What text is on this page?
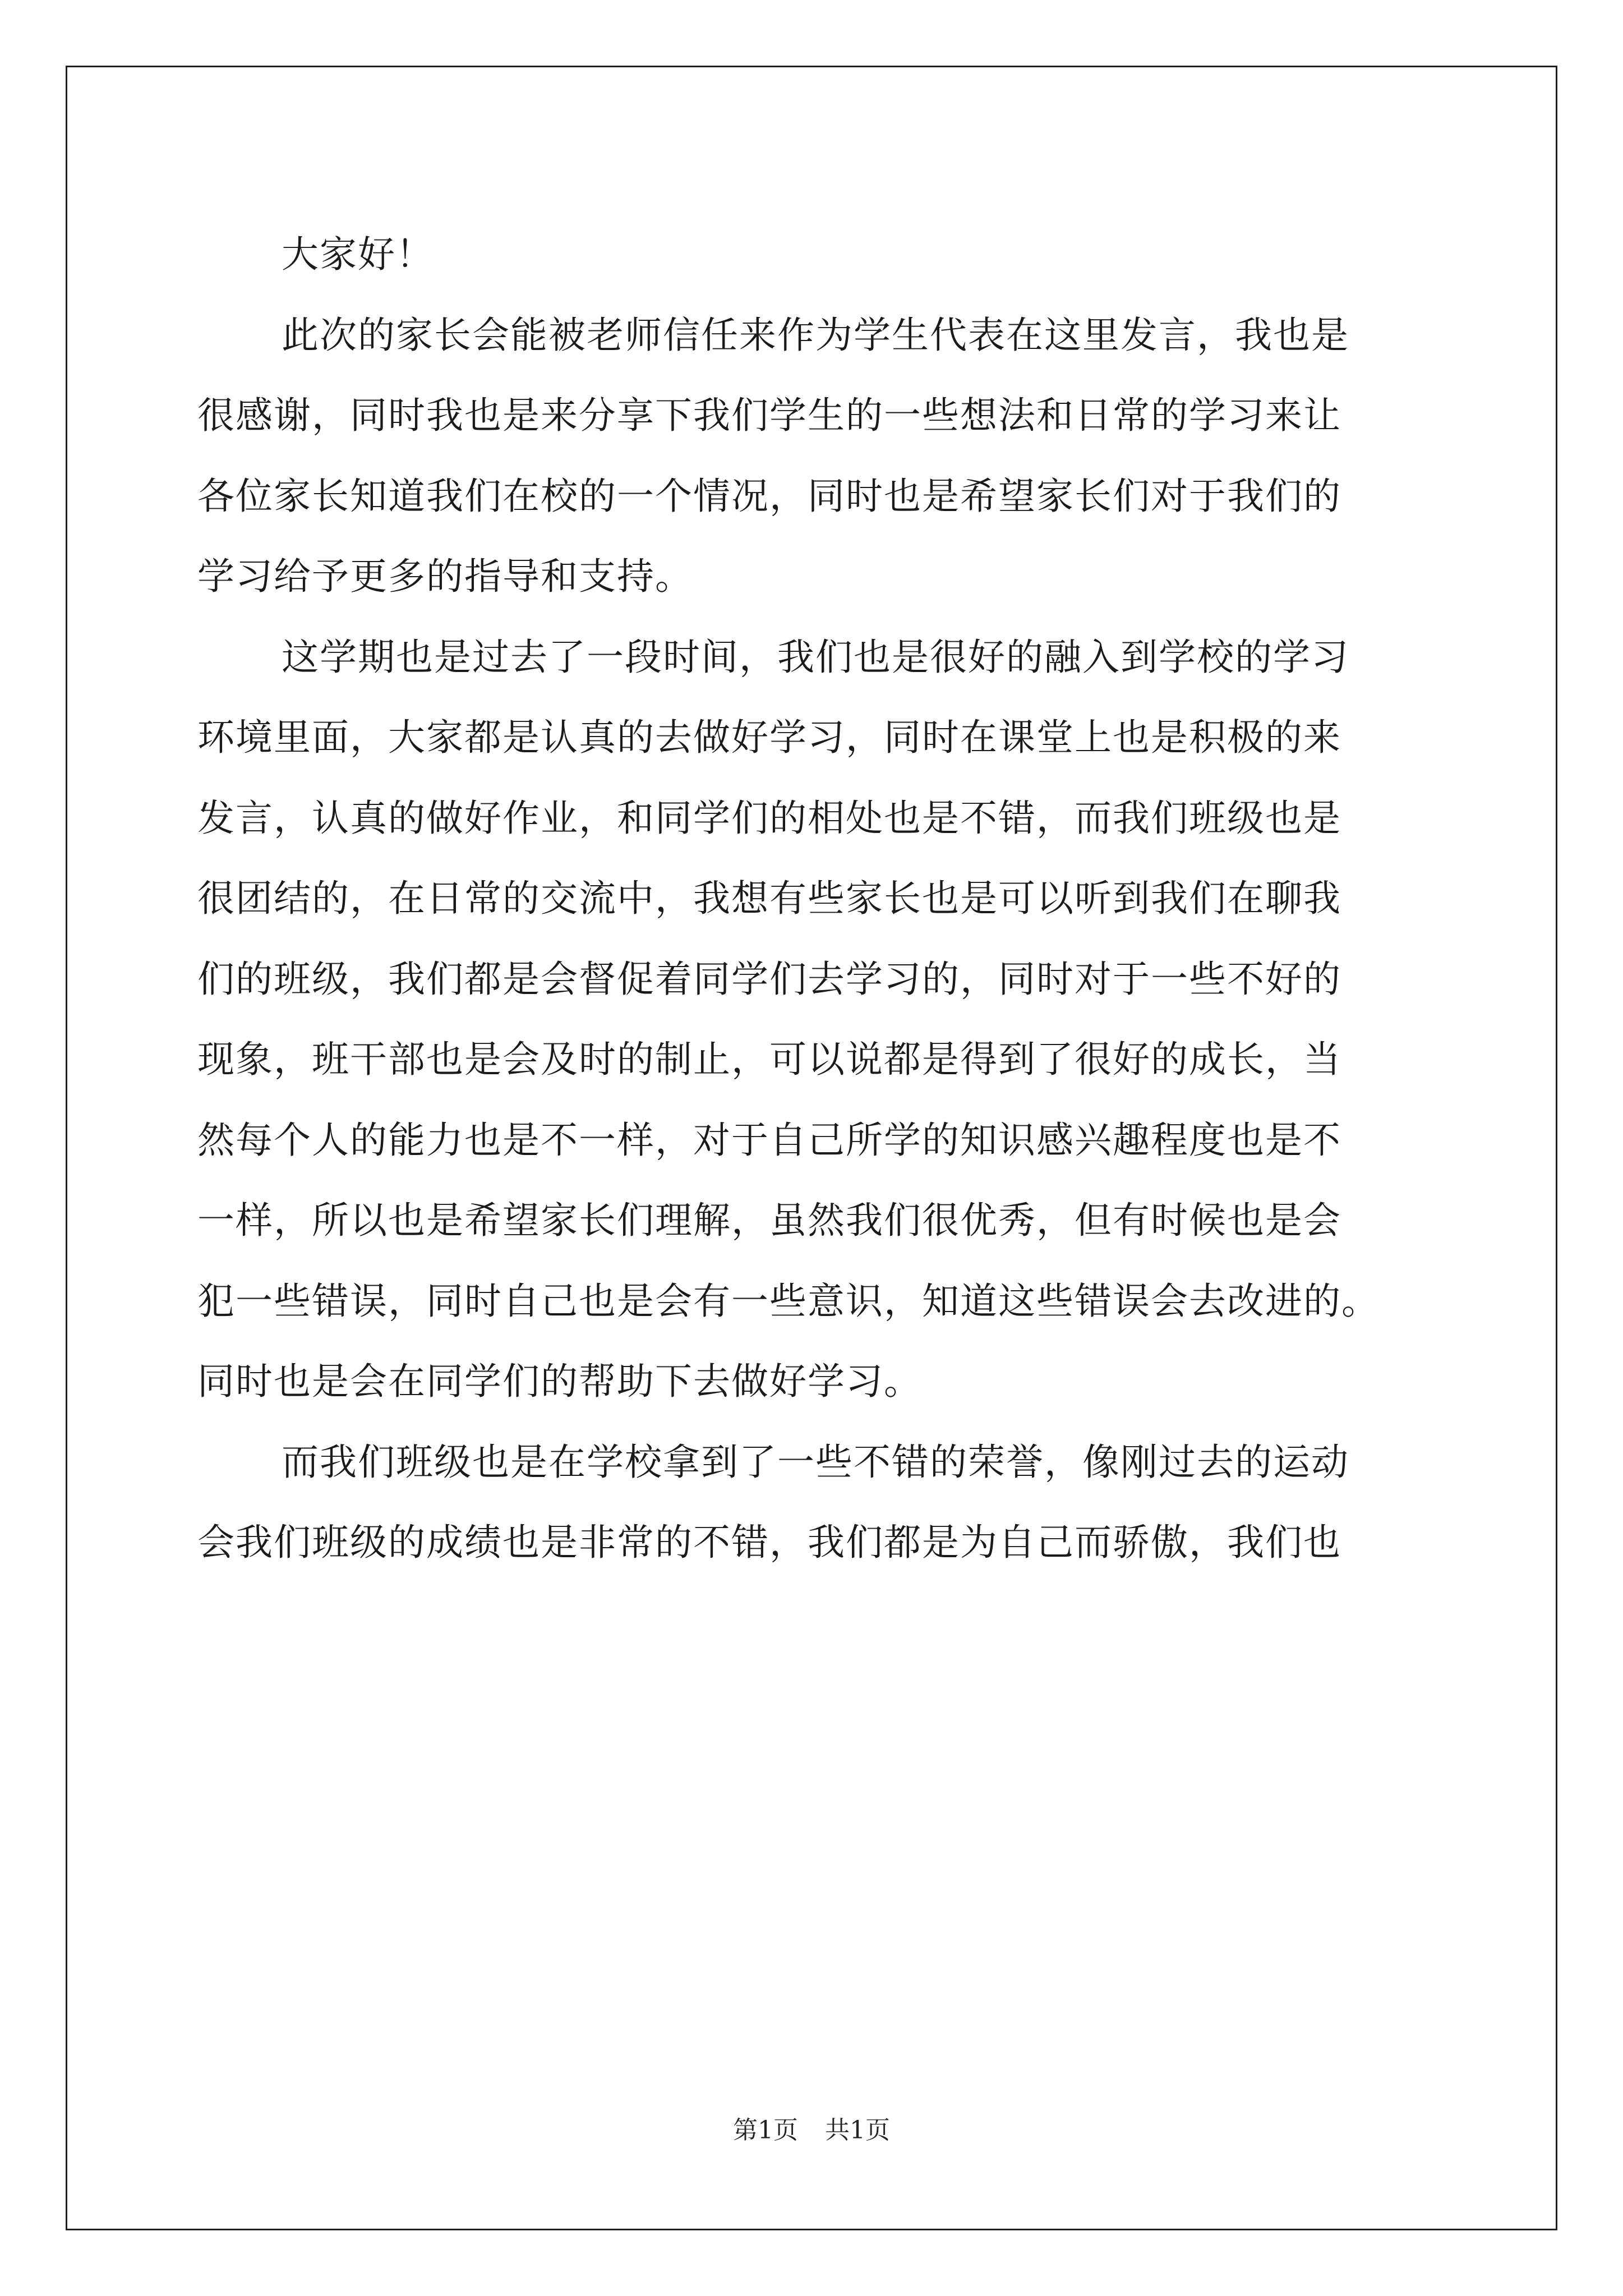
大家好！
此次的家长会能被老师信任来作为学生代表在这里发言，我也是
很感谢，同时我也是来分享下我们学生的一些想法和日常的学习来让
各位家长知道我们在校的一个情况，同时也是希望家长们对于我们的
学习给予更多的指导和支持。
这学期也是过去了一段时间，我们也是很好的融入到学校的学习
环境里面，大家都是认真的去做好学习，同时在课堂上也是积极的来
发言，认真的做好作业，和同学们的相处也是不错，而我们班级也是
很团结的，在日常的交流中，我想有些家长也是可以听到我们在聊我
们的班级，我们都是会督促着同学们去学习的，同时对于一些不好的
现象，班干部也是会及时的制止，可以说都是得到了很好的成长，当
然每个人的能力也是不一样，对于自己所学的知识感兴趣程度也是不
一样，所以也是希望家长们理解，虽然我们很优秀，但有时候也是会
犯一些错误，同时自己也是会有一些意识，知道这些错误会去改进的。
同时也是会在同学们的帮助下去做好学习。
而我们班级也是在学校拿到了一些不错的荣誉，像刚过去的运动
会我们班级的成绩也是非常的不错，我们都是为自己而骄傲，我们也
第1页 共1页
